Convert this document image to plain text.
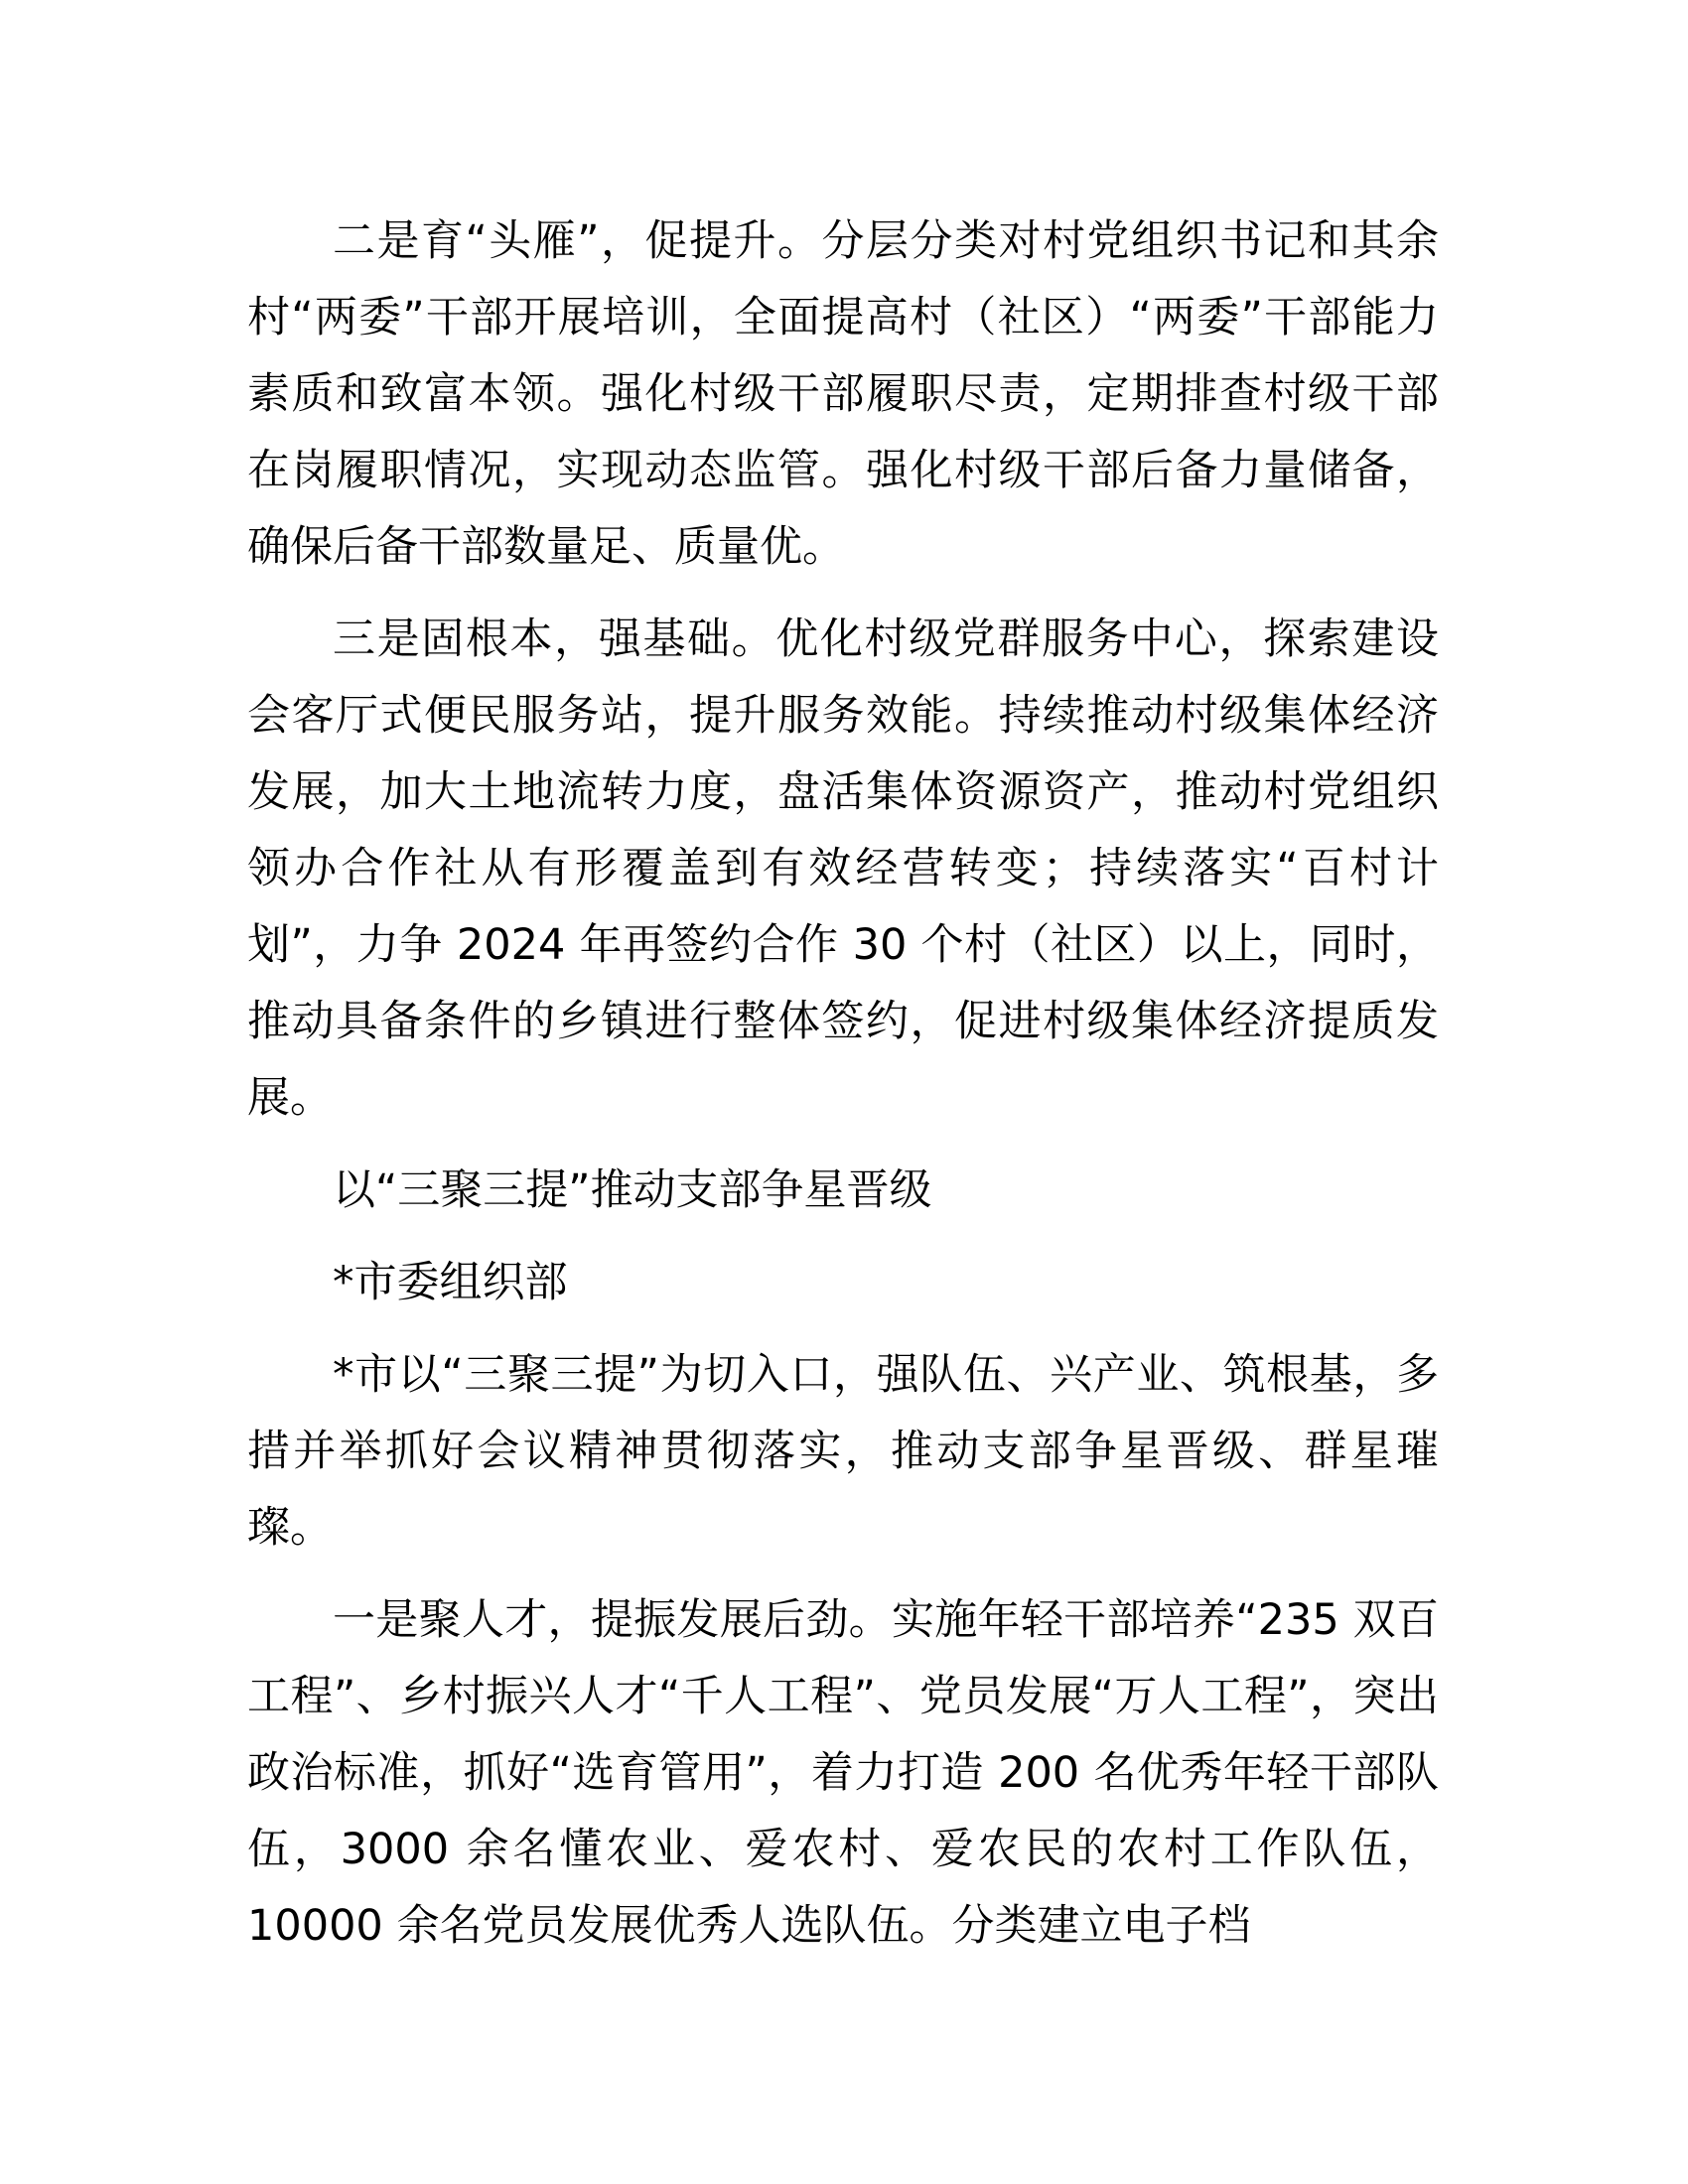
二是育“头雁”，促提升。分层分类对村党组织书记和其余村“两委”干部开展培训，全面提高村（社区）“两委”干部能力素质和致富本领。强化村级干部履职尽责，定期排查村级干部在岗履职情况，实现动态监管。强化村级干部后备力量储备，确保后备干部数量足、质量优。

三是固根本，强基础。优化村级党群服务中心，探索建设会客厅式便民服务站，提升服务效能。持续推动村级集体经济发展，加大土地流转力度，盘活集体资源资产，推动村党组织领办合作社从有形覆盖到有效经营转变；持续落实“百村计划”，力争 2024 年再签约合作 30 个村（社区）以上，同时，推动具备条件的乡镇进行整体签约，促进村级集体经济提质发展。

以“三聚三提”推动支部争星晋级

*市委组织部

*市以“三聚三提”为切入口，强队伍、兴产业、筑根基，多措并举抓好会议精神贯彻落实，推动支部争星晋级、群星璀璨。

一是聚人才，提振发展后劲。实施年轻干部培养“235 双百工程”、乡村振兴人才“千人工程”、党员发展“万人工程”，突出政治标准，抓好“选育管用”，着力打造 200 名优秀年轻干部队伍，3000 余名懂农业、爱农村、爱农民的农村工作队伍，10000 余名党员发展优秀人选队伍。分类建立电子档
